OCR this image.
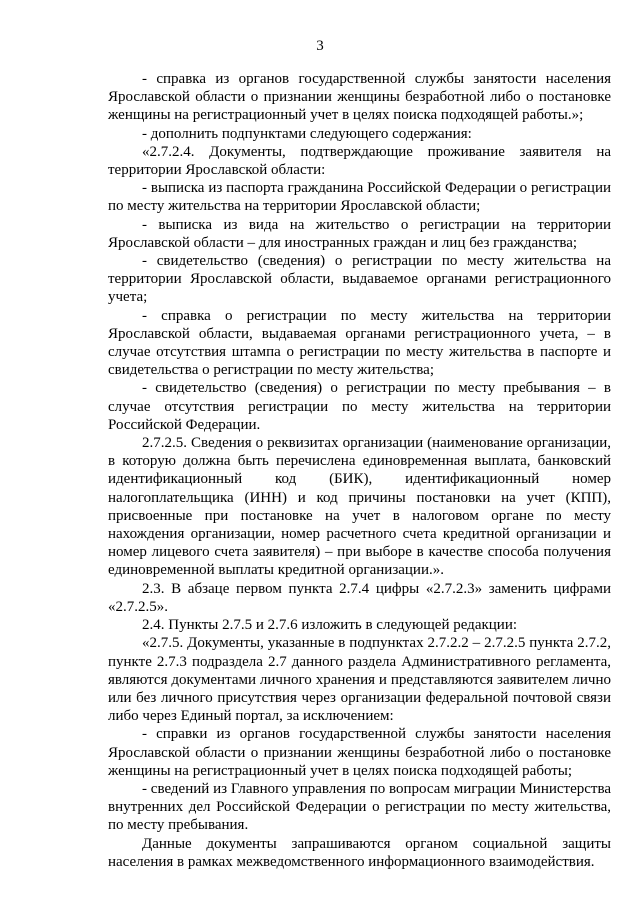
3

- справка из органов государственной службы занятости населения Ярославской области о признании женщины безработной либо о постановке женщины на регистрационный учет в целях поиска подходящей работы.»;

- дополнить подпунктами следующего содержания:

«2.7.2.4. Документы, подтверждающие проживание заявителя на территории Ярославской области:

- выписка из паспорта гражданина Российской Федерации о регистрации по месту жительства на территории Ярославской области;

- выписка из вида на жительство о регистрации на территории Ярославской области – для иностранных граждан и лиц без гражданства;

- свидетельство (сведения) о регистрации по месту жительства на территории Ярославской области, выдаваемое органами регистрационного учета;

- справка о регистрации по месту жительства на территории Ярославской области, выдаваемая органами регистрационного учета, – в случае отсутствия штампа о регистрации по месту жительства в паспорте и свидетельства о регистрации по месту жительства;

- свидетельство (сведения) о регистрации по месту пребывания – в случае отсутствия регистрации по месту жительства на территории Российской Федерации.

2.7.2.5. Сведения о реквизитах организации (наименование организации, в которую должна быть перечислена единовременная выплата, банковский идентификационный код (БИК), идентификационный номер налогоплательщика (ИНН) и код причины постановки на учет (КПП), присвоенные при постановке на учет в налоговом органе по месту нахождения организации, номер расчетного счета кредитной организации и номер лицевого счета заявителя) – при выборе в качестве способа получения единовременной выплаты кредитной организации.».

2.3. В абзаце первом пункта 2.7.4 цифры «2.7.2.3» заменить цифрами «2.7.2.5».

2.4. Пункты 2.7.5 и 2.7.6 изложить в следующей редакции:

«2.7.5. Документы, указанные в подпунктах 2.7.2.2 – 2.7.2.5 пункта 2.7.2, пункте 2.7.3 подраздела 2.7 данного раздела Административного регламента, являются документами личного хранения и представляются заявителем лично или без личного присутствия через организации федеральной почтовой связи либо через Единый портал, за исключением:

- справки из органов государственной службы занятости населения Ярославской области о признании женщины безработной либо о постановке женщины на регистрационный учет в целях поиска подходящей работы;

- сведений из Главного управления по вопросам миграции Министерства внутренних дел Российской Федерации о регистрации по месту жительства, по месту пребывания.

Данные документы запрашиваются органом социальной защиты населения в рамках межведомственного информационного взаимодействия.
